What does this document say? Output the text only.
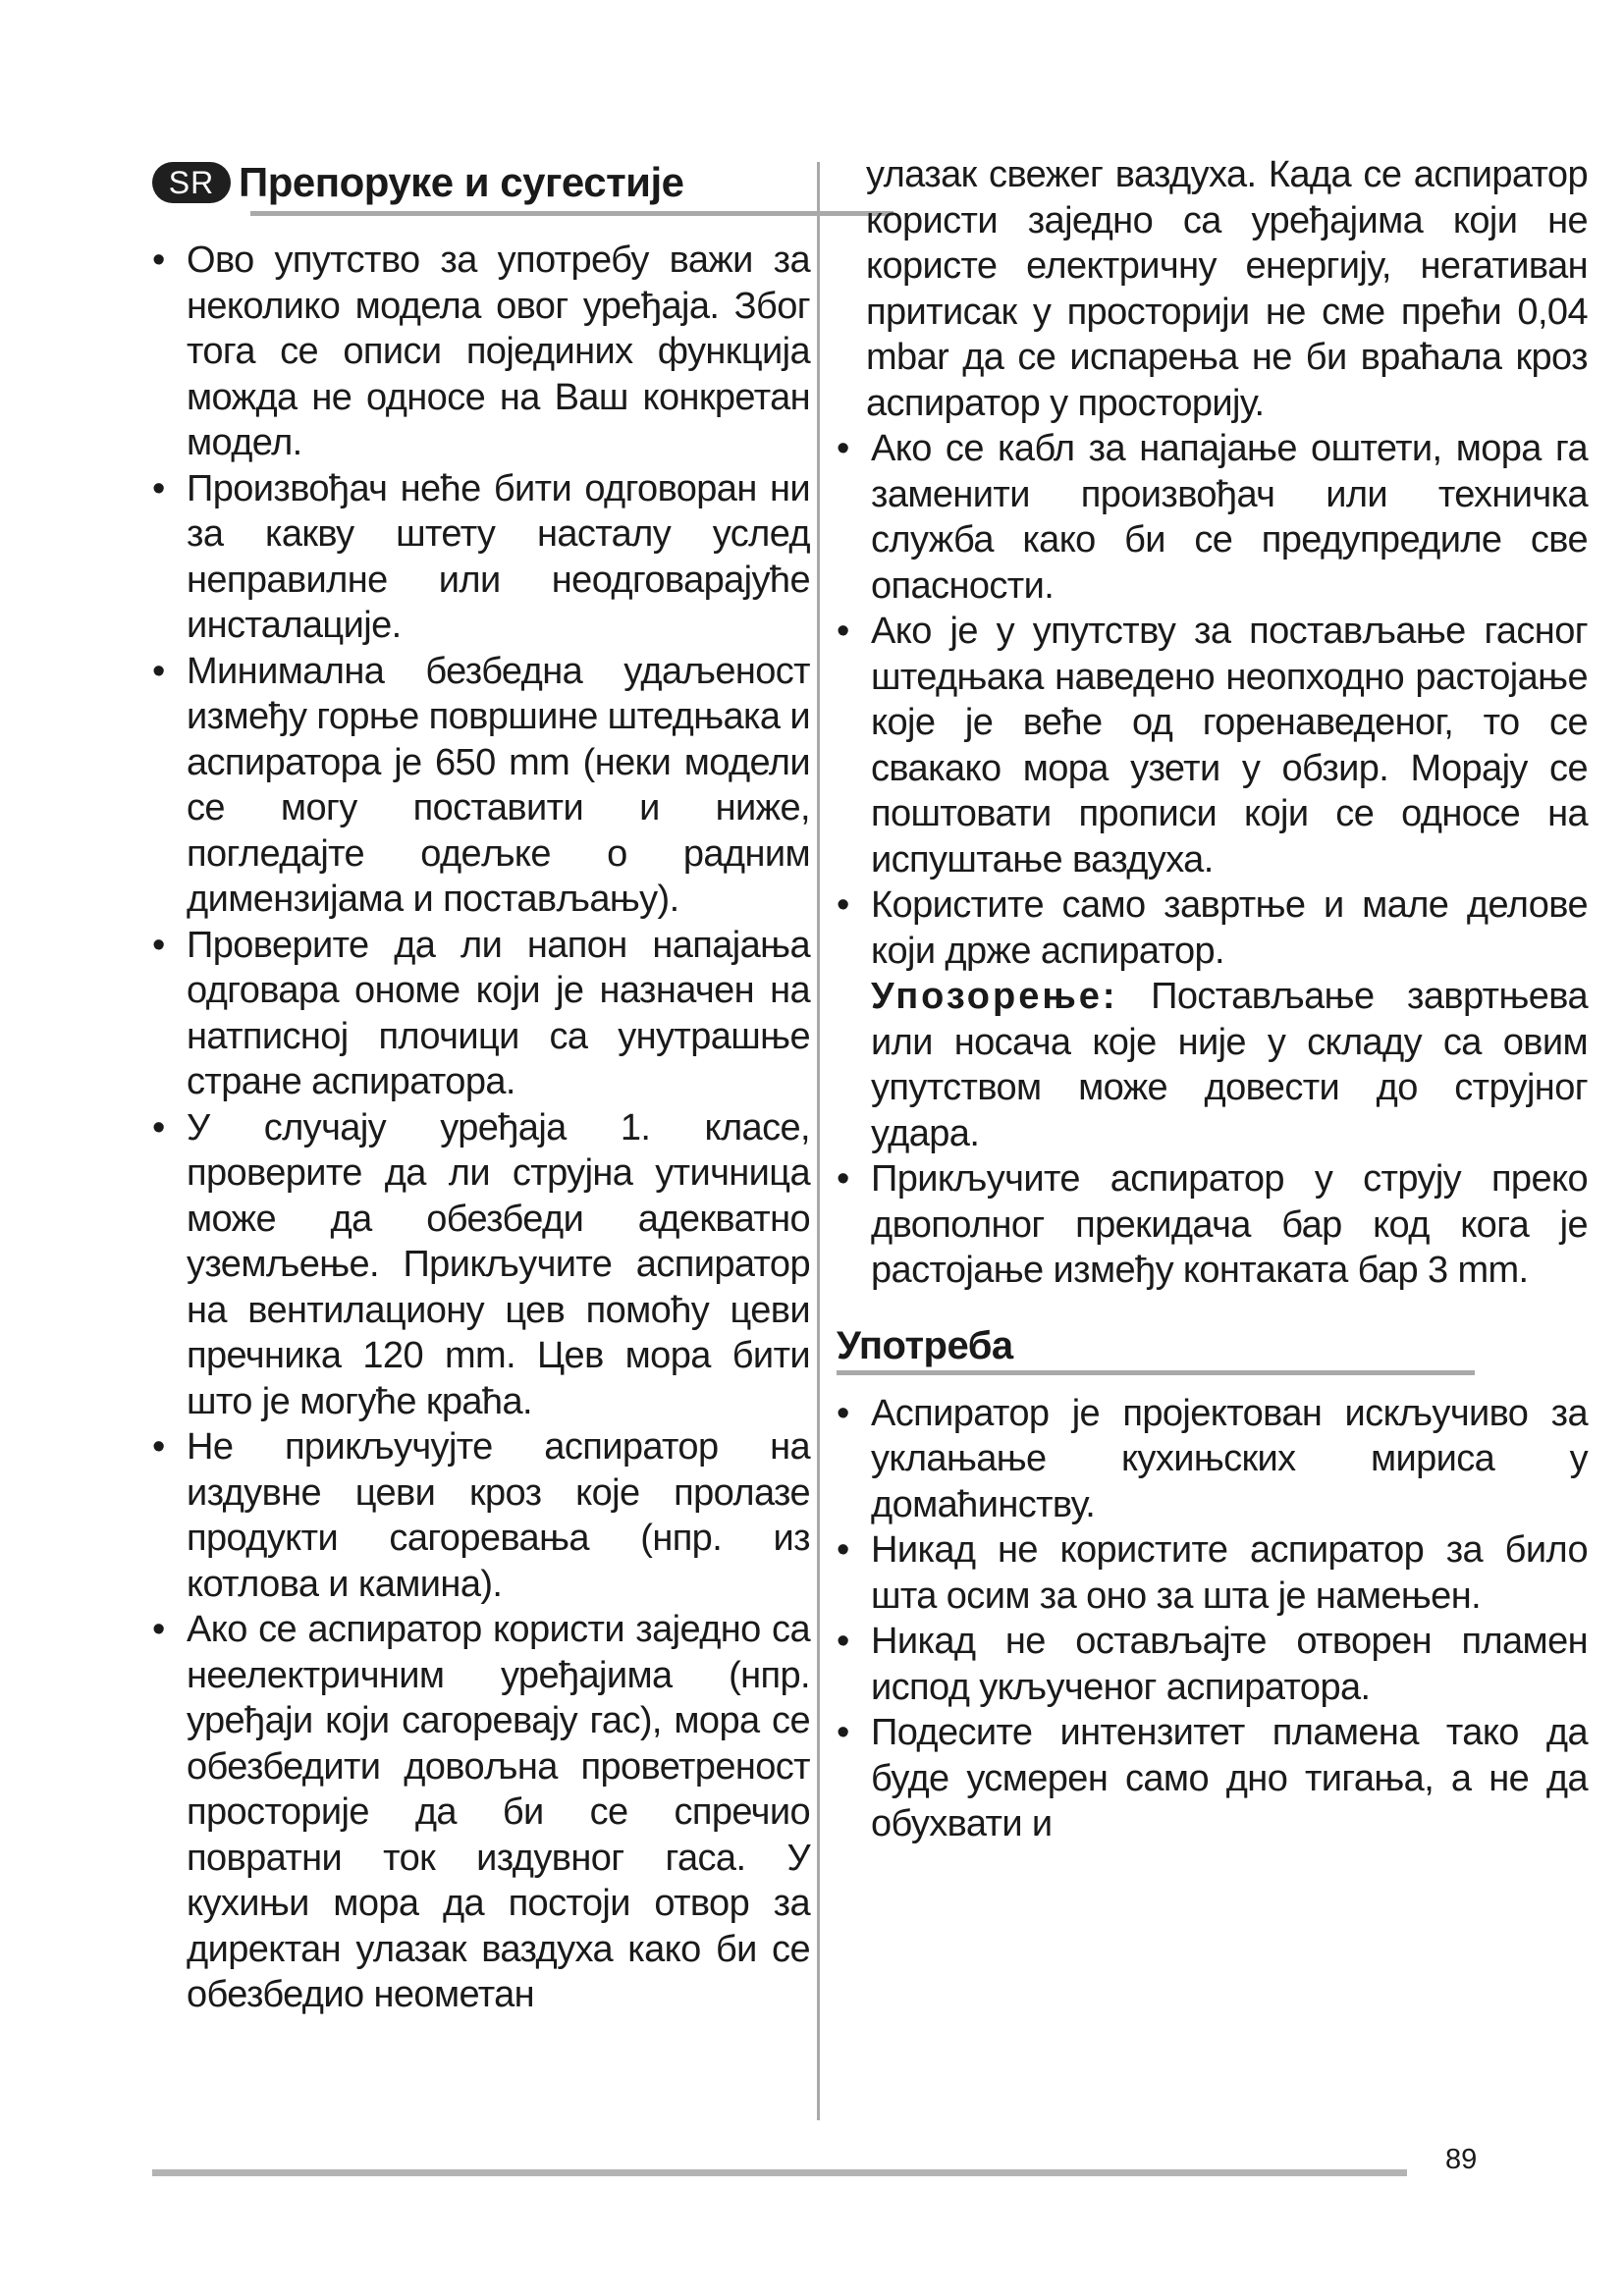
SR Препоруке и сугестије
• Ово упутство за употребу важи за неколико модела овог уређаја. Због тога се описи појединих функција можда не односе на Ваш конкретан модел.
• Произвођач неће бити одговоран ни за какву штету насталу услед неправилне или неодговарајуће инсталације.
• Минимална безбедна удаљеност између горње површине штедњака и аспиратора је 650 mm (неки модели се могу поставити и ниже, погледајте одељке о радним димензијама и постављању).
• Проверите да ли напон напајања одговара ономе који је назначен на натписној плочици са унутрашње стране аспиратора.
• У случају уређаја 1. класе, проверите да ли струјна утичница може да обезбеди адекватно уземљење. Прикључите аспиратор на вентилациону цев помоћу цеви пречника 120 mm. Цев мора бити што је могуће краћа.
• Не прикључујте аспиратор на издувне цеви кроз које пролазе продукти сагоревања (нпр. из котлова и камина).
• Ако се аспиратор користи заједно са неелектричним уређајима (нпр. уређаји који сагоревају гас), мора се обезбедити довољна проветреност просторије да би се спречио повратни ток издувног гаса. У кухињи мора да постоји отвор за директан улазак ваздуха како би се обезбедио неометан
улазак свежег ваздуха. Када се аспиратор користи заједно са уређајима који не користе електричну енергију, негативан притисак у просторији не сме прећи 0,04 mbar да се испарења не би враћала кроз аспиратор у просторију.
• Ако се кабл за напајање оштети, мора га заменити произвођач или техничка служба како би се предупредиле све опасности.
• Ако је у упутству за постављање гасног штедњака наведено неопходно растојање које је веће од горенаведеног, то се свакако мора узети у обзир. Морају се поштовати прописи који се односе на испуштање ваздуха.
• Користите само завртње и мале делове који држе аспиратор.
Упозорење: Постављање завртњева или носача које није у складу са овим упутством може довести до струјног удара.
• Прикључите аспиратор у струју преко двополног прекидача бар код кога је растојање између контаката бар 3 mm.
Употреба
• Аспиратор је пројектован искључиво за уклањање кухињских мириса у домаћинству.
• Никад не користите аспиратор за било шта осим за оно за шта је намењен.
• Никад не остављајте отворен пламен испод укљученог аспиратора.
• Подесите интензитет пламена тако да буде усмерен само дно тигања, а не да обухвати и
89
